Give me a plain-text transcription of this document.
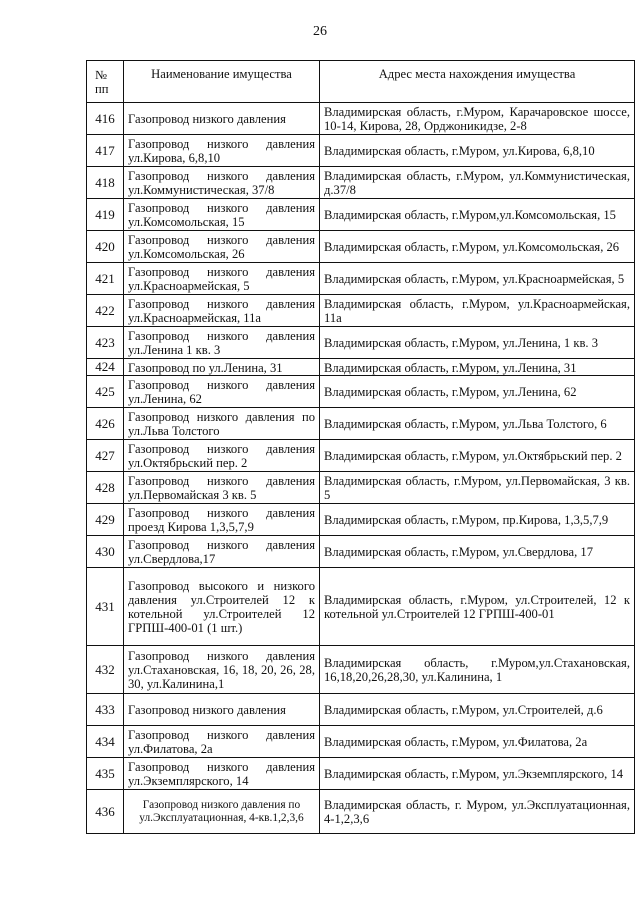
26
№ пп	Наименование имущества	Адрес места нахождения имущества
416	Газопровод низкого давления	Владимирская область, г.Муром, Карачаровское шоссе, 10-14, Кирова, 28, Орджоникидзе, 2-8
417	Газопровод низкого давления ул.Кирова, 6,8,10	Владимирская область, г.Муром, ул.Кирова, 6,8,10
418	Газопровод низкого давления ул.Коммунистическая, 37/8	Владимирская область, г.Муром, ул.Коммунистическая, д.37/8
419	Газопровод низкого давления ул.Комсомольская, 15	Владимирская область, г.Муром,ул.Комсомольская, 15
420	Газопровод низкого давления ул.Комсомольская, 26	Владимирская область, г.Муром, ул.Комсомольская, 26
421	Газопровод низкого давления ул.Красноармейская, 5	Владимирская область, г.Муром, ул.Красноармейская, 5
422	Газопровод низкого давления ул.Красноармейская, 11а	Владимирская область, г.Муром, ул.Красноармейская, 11а
423	Газопровод низкого давления ул.Ленина 1 кв. 3	Владимирская область, г.Муром, ул.Ленина, 1 кв. 3
424	Газопровод по ул.Ленина, 31	Владимирская область, г.Муром, ул.Ленина, 31
425	Газопровод низкого давления ул.Ленина, 62	Владимирская область, г.Муром, ул.Ленина, 62
426	Газопровод низкого давления по ул.Льва Толстого	Владимирская область, г.Муром, ул.Льва Толстого, 6
427	Газопровод низкого давления ул.Октябрьский пер. 2	Владимирская область, г.Муром, ул.Октябрьский пер. 2
428	Газопровод низкого давления ул.Первомайская 3 кв. 5	Владимирская область, г.Муром, ул.Первомайская, 3 кв. 5
429	Газопровод низкого давления проезд Кирова 1,3,5,7,9	Владимирская область, г.Муром, пр.Кирова, 1,3,5,7,9
430	Газопровод низкого давления ул.Свердлова,17	Владимирская область, г.Муром, ул.Свердлова, 17
431	Газопровод высокого и низкого давления ул.Строителей 12 к котельной ул.Строителей 12 ГРПШ-400-01 (1 шт.)	Владимирская область, г.Муром, ул.Строителей, 12 к котельной ул.Строителей 12 ГРПШ-400-01
432	Газопровод низкого давления ул.Стахановская, 16, 18, 20, 26, 28, 30, ул.Калинина,1	Владимирская область, г.Муром,ул.Стахановская, 16,18,20,26,28,30, ул.Калинина, 1
433	Газопровод низкого давления	Владимирская область, г.Муром, ул.Строителей, д.6
434	Газопровод низкого давления ул.Филатова, 2а	Владимирская область, г.Муром, ул.Филатова, 2а
435	Газопровод низкого давления ул.Экземплярского, 14	Владимирская область, г.Муром, ул.Экземплярского, 14
436	Газопровод низкого давления по ул.Эксплуатационная, 4-кв.1,2,3,6	Владимирская область, г. Муром, ул.Эксплуатационная, 4-1,2,3,6
